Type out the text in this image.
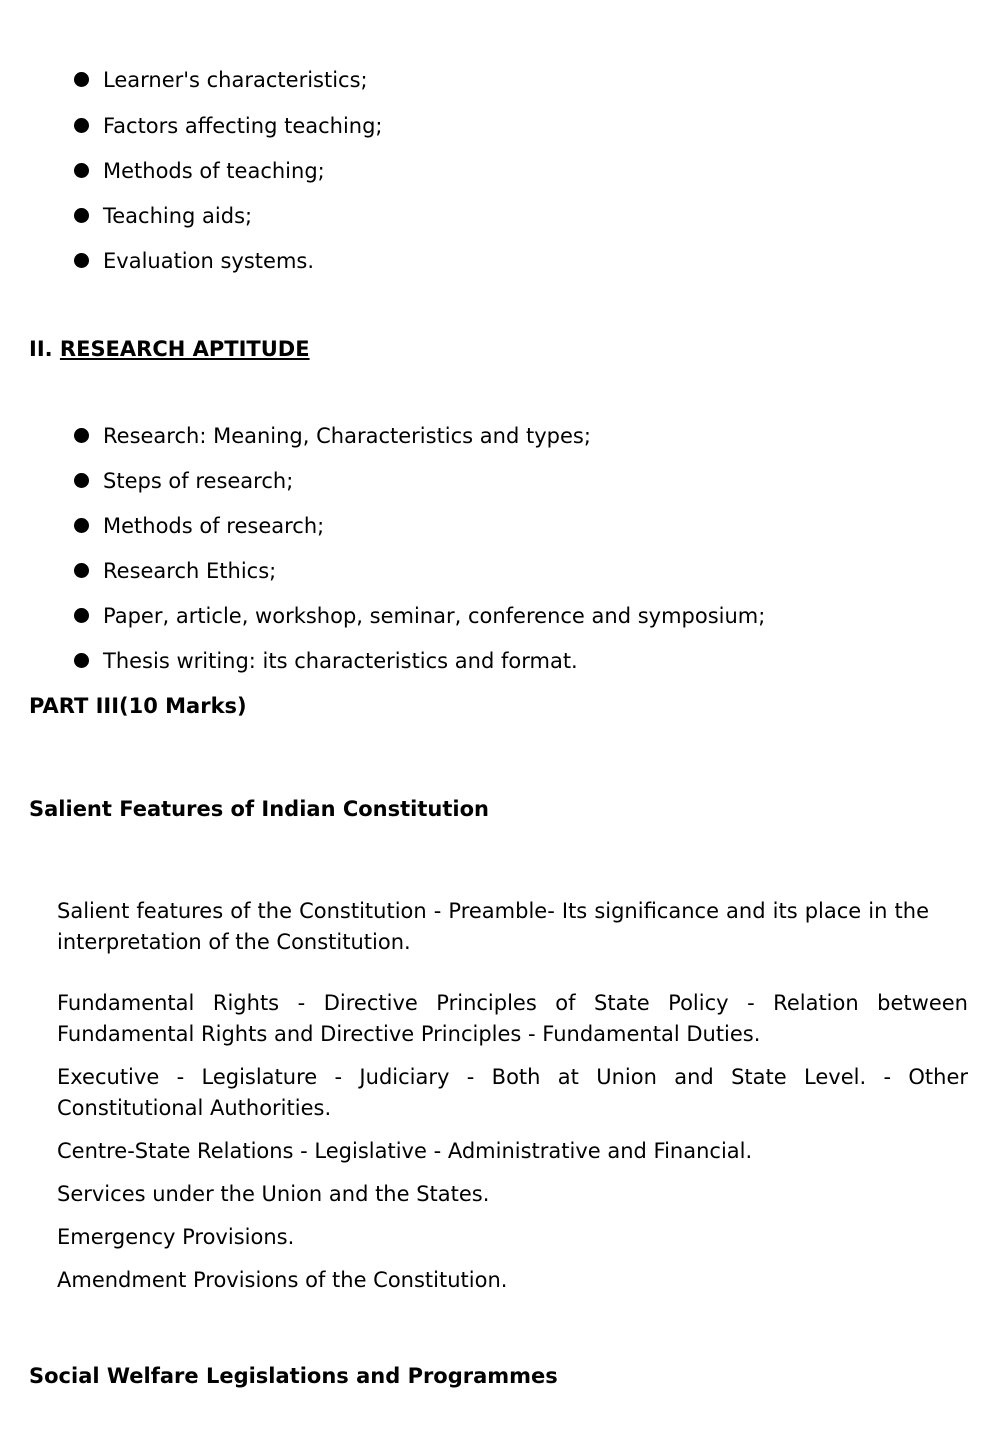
Learner's characteristics;
Factors affecting teaching;
Methods of teaching;
Teaching aids;
Evaluation systems.
II. RESEARCH APTITUDE
Research: Meaning, Characteristics and types;
Steps of research;
Methods of research;
Research Ethics;
Paper, article, workshop, seminar, conference and symposium;
Thesis writing: its characteristics and format.
PART III(10 Marks)
Salient Features of Indian Constitution
Salient features of the Constitution - Preamble- Its significance and its place in the interpretation of the Constitution.
Fundamental Rights - Directive Principles of State Policy - Relation between Fundamental Rights and Directive Principles - Fundamental Duties.
Executive - Legislature - Judiciary - Both at Union and State Level. - Other Constitutional Authorities.
Centre-State Relations - Legislative - Administrative and Financial.
Services under the Union and the States.
Emergency Provisions.
Amendment Provisions of the Constitution.
Social Welfare Legislations and Programmes
